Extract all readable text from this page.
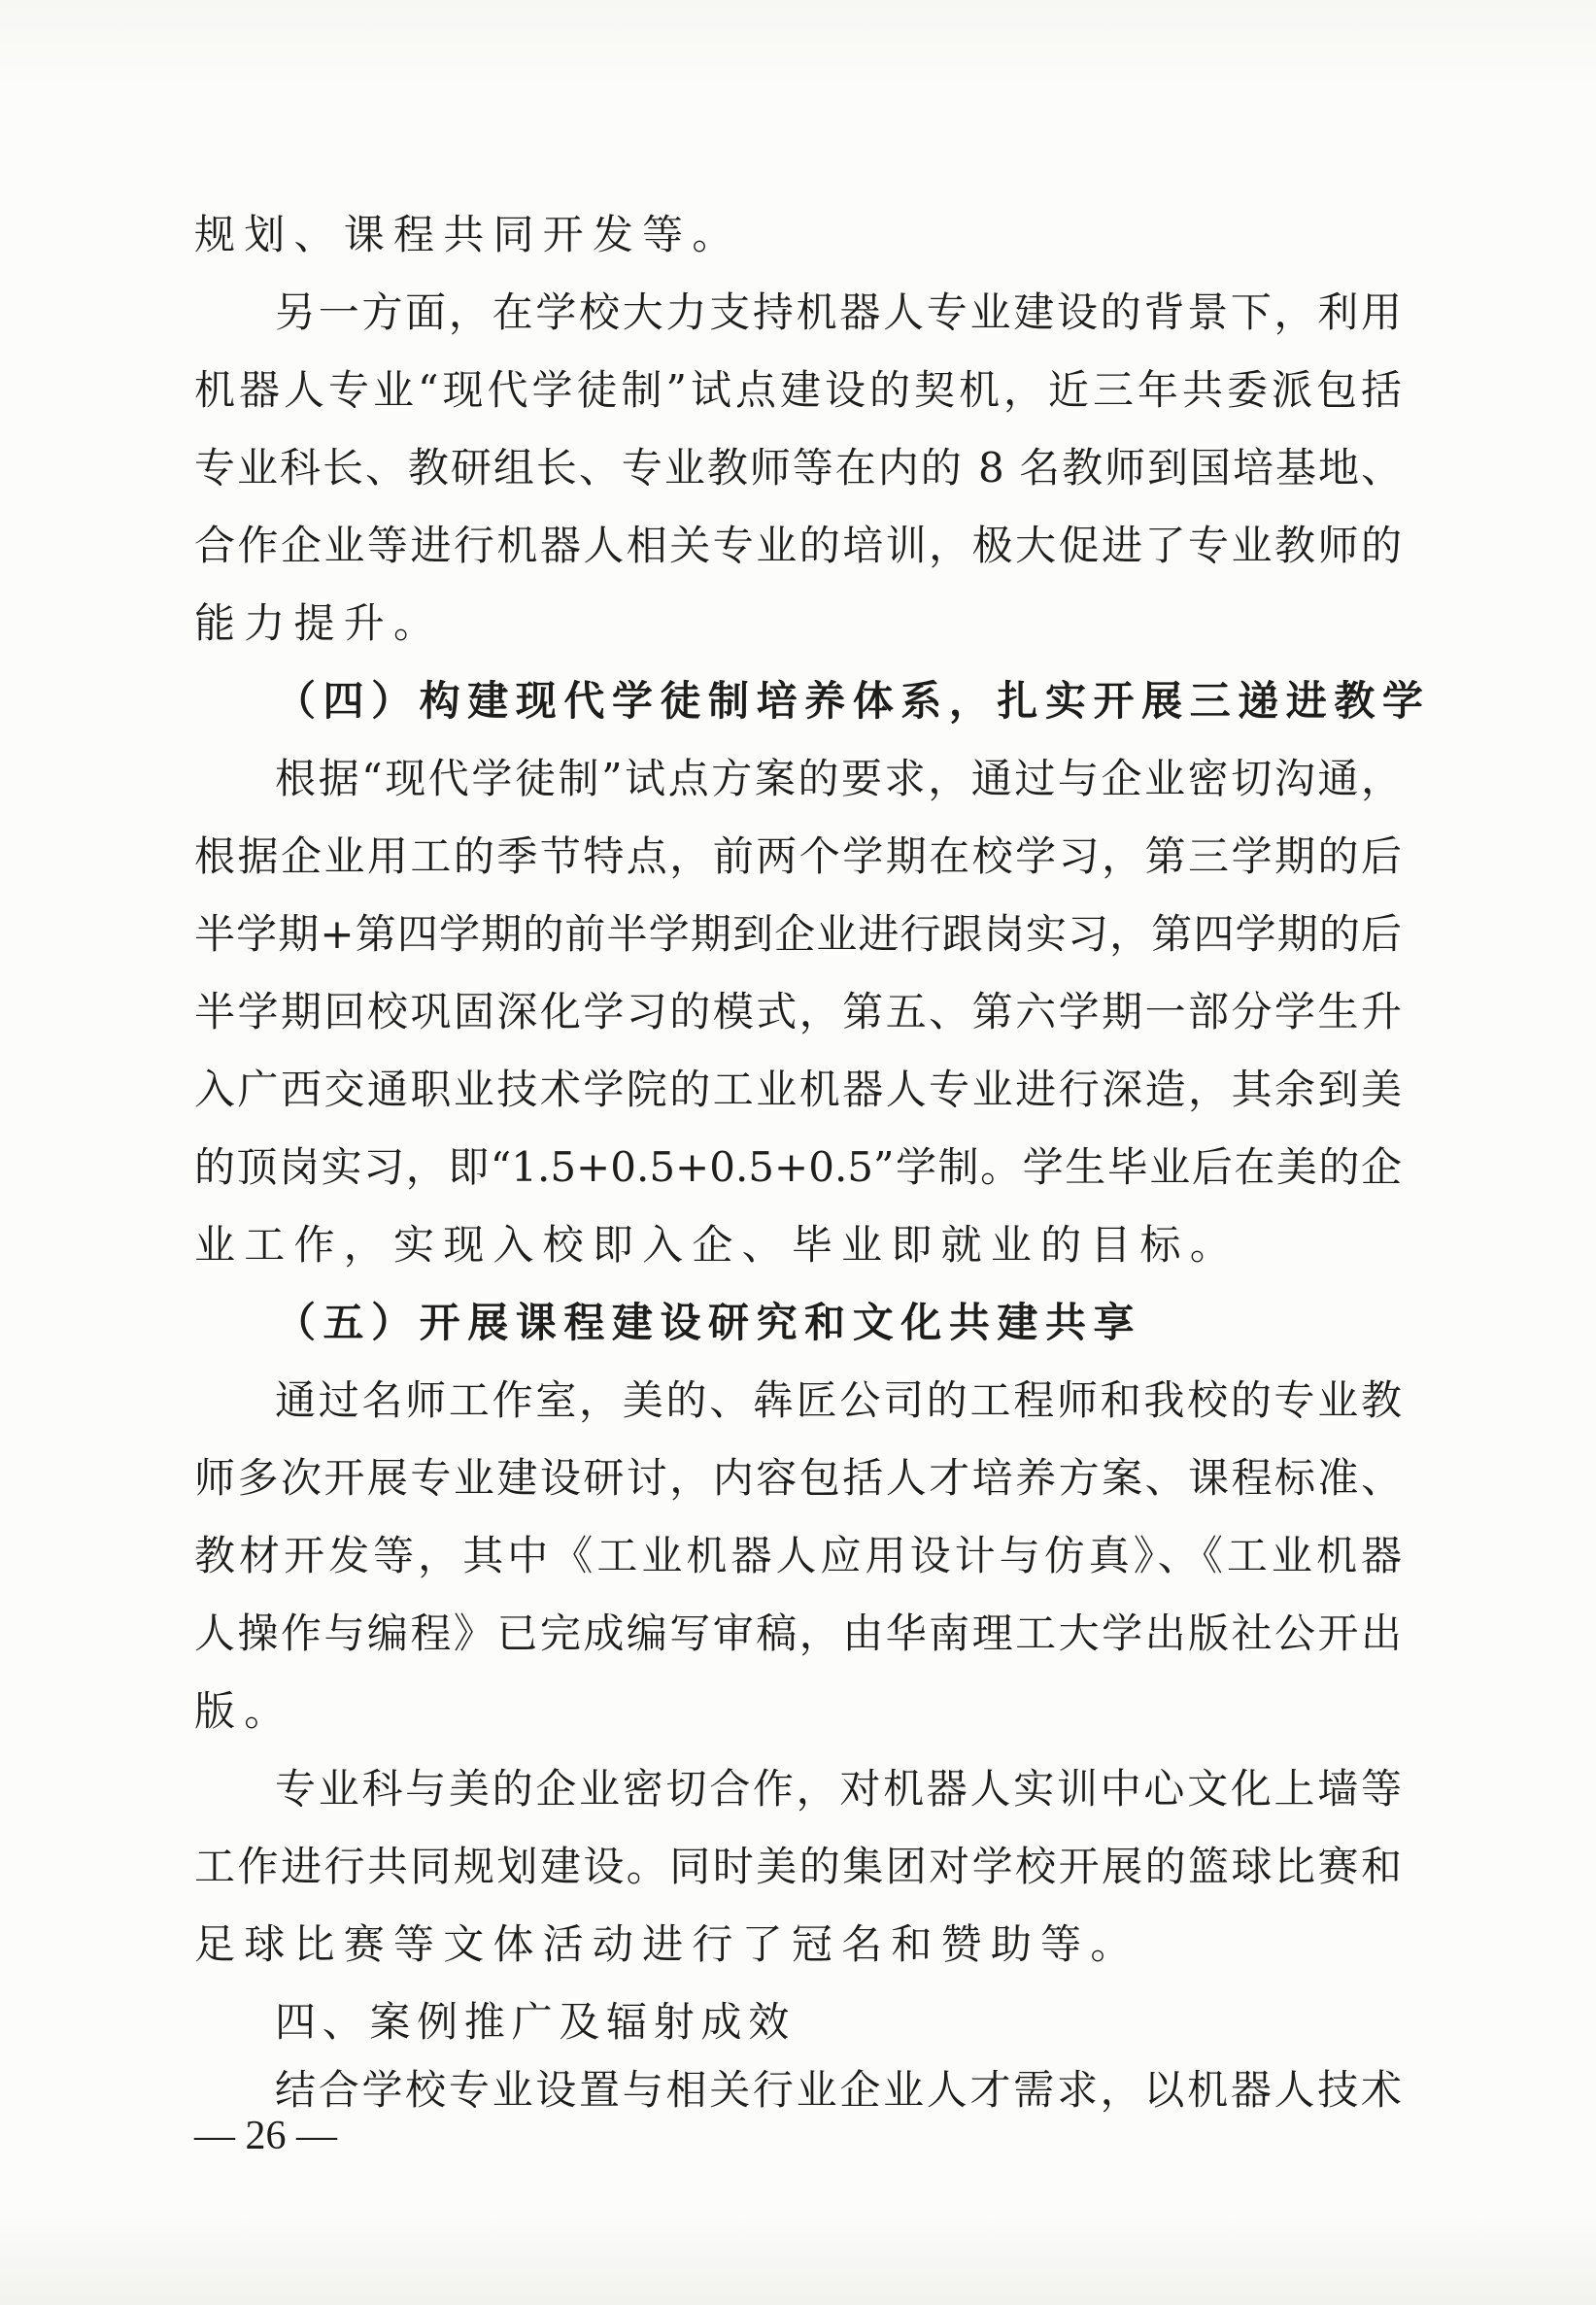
规划、课程共同开发等。
另一方面，在学校大力支持机器人专业建设的背景下，利用
机器人专业“现代学徒制”试点建设的契机，近三年共委派包括
专业科长、教研组长、专业教师等在内的 8 名教师到国培基地、
合作企业等进行机器人相关专业的培训，极大促进了专业教师的
能力提升。
（四）构建现代学徒制培养体系，扎实开展三递进教学
根据“现代学徒制”试点方案的要求，通过与企业密切沟通，
根据企业用工的季节特点，前两个学期在校学习，第三学期的后
半学期+第四学期的前半学期到企业进行跟岗实习，第四学期的后
半学期回校巩固深化学习的模式，第五、第六学期一部分学生升
入广西交通职业技术学院的工业机器人专业进行深造，其余到美
的顶岗实习，即“1.5+0.5+0.5+0.5”学制。学生毕业后在美的企
业工作，实现入校即入企、毕业即就业的目标。
（五）开展课程建设研究和文化共建共享
通过名师工作室，美的、犇匠公司的工程师和我校的专业教
师多次开展专业建设研讨，内容包括人才培养方案、课程标准、
教材开发等，其中《工业机器人应用设计与仿真》、《工业机器
人操作与编程》已完成编写审稿，由华南理工大学出版社公开出
版。
专业科与美的企业密切合作，对机器人实训中心文化上墙等
工作进行共同规划建设。同时美的集团对学校开展的篮球比赛和
足球比赛等文体活动进行了冠名和赞助等。
四、案例推广及辐射成效
结合学校专业设置与相关行业企业人才需求，以机器人技术
— 26 —
